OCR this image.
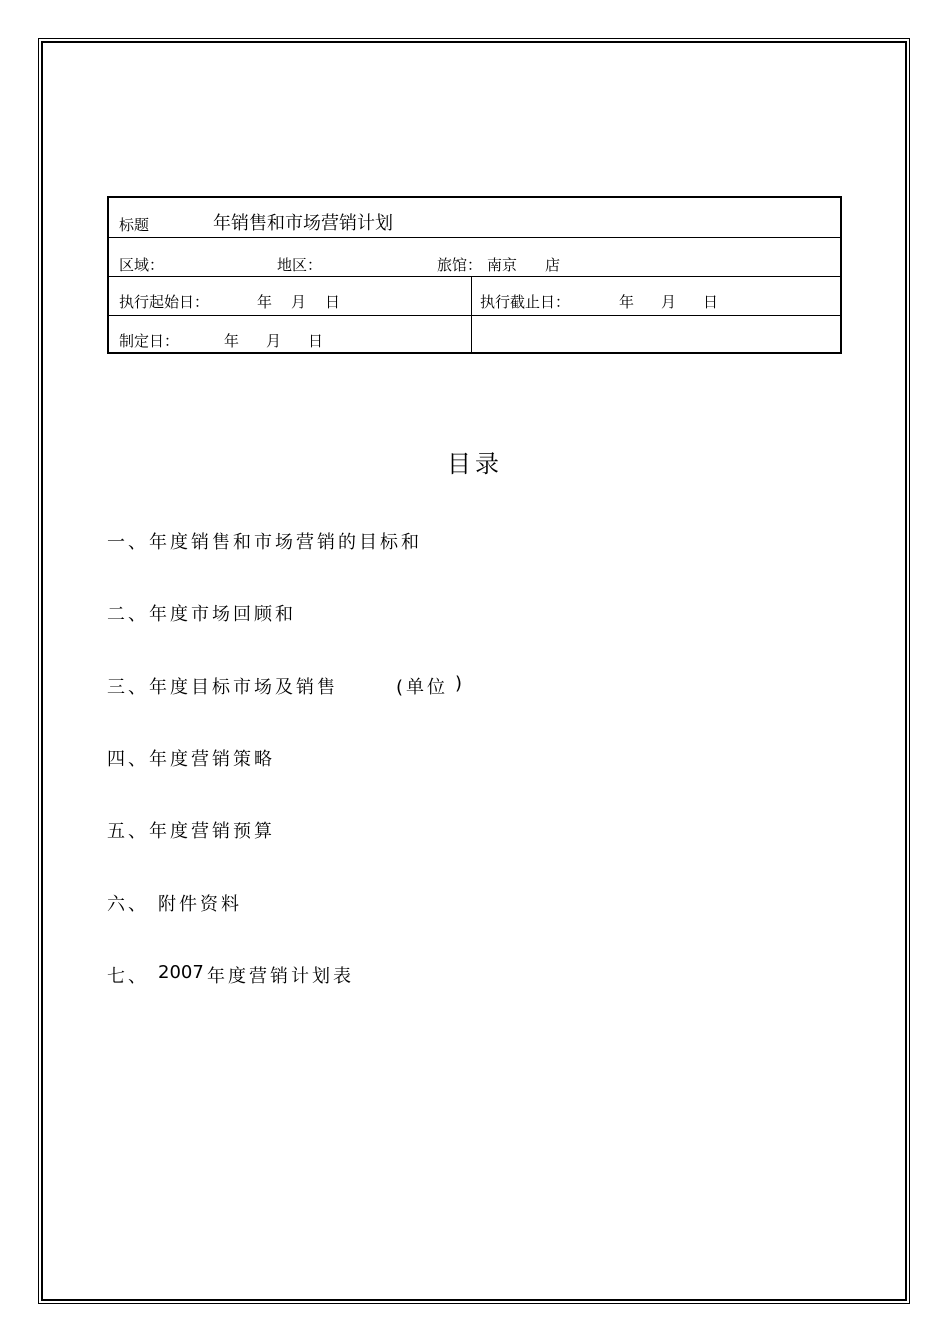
标题	年销售和市场营销计划
区域：	地区：	旅馆： 南京 店
执行起始日：	年 月 日	执行截止日：	年 月 日
制定日：	年 月 日
目录
一、年度销售和市场营销的目标和
二、年度市场回顾和
三、年度目标市场及销售	(单位 )
四、年度营销策略
五、年度营销预算
六、 附件资料
七、 2007 年度营销计划表
